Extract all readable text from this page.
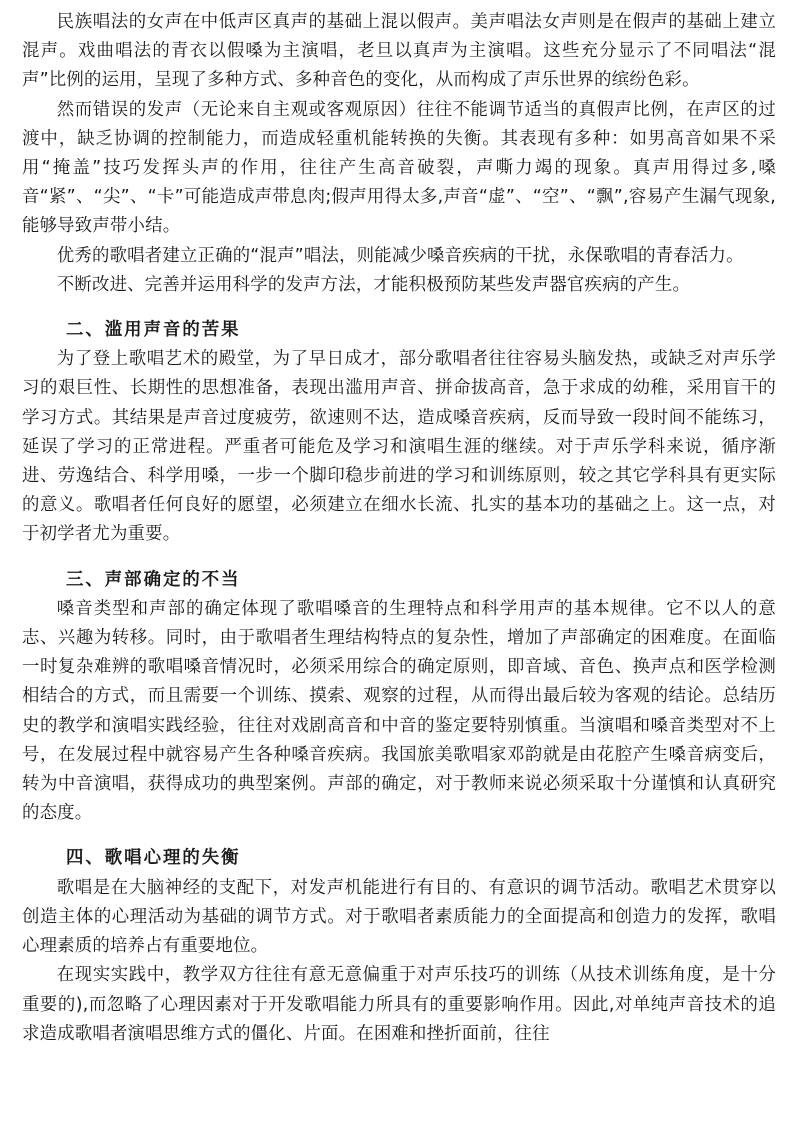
民族唱法的女声在中低声区真声的基础上混以假声。美声唱法女声则是在假声的基础上建立混声。戏曲唱法的青衣以假嗓为主演唱，老旦以真声为主演唱。这些充分显示了不同唱法“混声”比例的运用，呈现了多种方式、多种音色的变化，从而构成了声乐世界的缤纷色彩。

然而错误的发声（无论来自主观或客观原因）往往不能调节适当的真假声比例，在声区的过渡中，缺乏协调的控制能力，而造成轻重机能转换的失衡。其表现有多种：如男高音如果不采用“掩盖”技巧发挥头声的作用，往往产生高音破裂，声嘶力竭的现象。真声用得过多,嗓音“紧”、“尖”、“卡”可能造成声带息肉;假声用得太多,声音“虚”、“空”、“飘”,容易产生漏气现象,能够导致声带小结。

优秀的歌唱者建立正确的“混声”唱法，则能减少嗓音疾病的干扰，永保歌唱的青春活力。

不断改进、完善并运用科学的发声方法，才能积极预防某些发声器官疾病的产生。

二、滥用声音的苦果

为了登上歌唱艺术的殿堂，为了早日成才，部分歌唱者往往容易头脑发热，或缺乏对声乐学习的艰巨性、长期性的思想准备，表现出滥用声音、拼命拔高音，急于求成的幼稚，采用盲干的学习方式。其结果是声音过度疲劳，欲速则不达，造成嗓音疾病，反而导致一段时间不能练习，延误了学习的正常进程。严重者可能危及学习和演唱生涯的继续。对于声乐学科来说，循序渐进、劳逸结合、科学用嗓，一步一个脚印稳步前进的学习和训练原则，较之其它学科具有更实际的意义。歌唱者任何良好的愿望，必须建立在细水长流、扎实的基本功的基础之上。这一点，对于初学者尤为重要。

三、声部确定的不当

嗓音类型和声部的确定体现了歌唱嗓音的生理特点和科学用声的基本规律。它不以人的意志、兴趣为转移。同时，由于歌唱者生理结构特点的复杂性，增加了声部确定的困难度。在面临一时复杂难辨的歌唱嗓音情况时，必须采用综合的确定原则，即音域、音色、换声点和医学检测相结合的方式，而且需要一个训练、摸索、观察的过程，从而得出最后较为客观的结论。总结历史的教学和演唱实践经验，往往对戏剧高音和中音的鉴定要特别慎重。当演唱和嗓音类型对不上号，在发展过程中就容易产生各种嗓音疾病。我国旅美歌唱家邓韵就是由花腔产生嗓音病变后，转为中音演唱，获得成功的典型案例。声部的确定，对于教师来说必须采取十分谨慎和认真研究的态度。

四、歌唱心理的失衡

歌唱是在大脑神经的支配下，对发声机能进行有目的、有意识的调节活动。歌唱艺术贯穿以创造主体的心理活动为基础的调节方式。对于歌唱者素质能力的全面提高和创造力的发挥，歌唱心理素质的培养占有重要地位。

在现实实践中，教学双方往往有意无意偏重于对声乐技巧的训练（从技术训练角度，是十分重要的),而忽略了心理因素对于开发歌唱能力所具有的重要影响作用。因此,对单纯声音技术的追求造成歌唱者演唱思维方式的僵化、片面。在困难和挫折面前，往往
